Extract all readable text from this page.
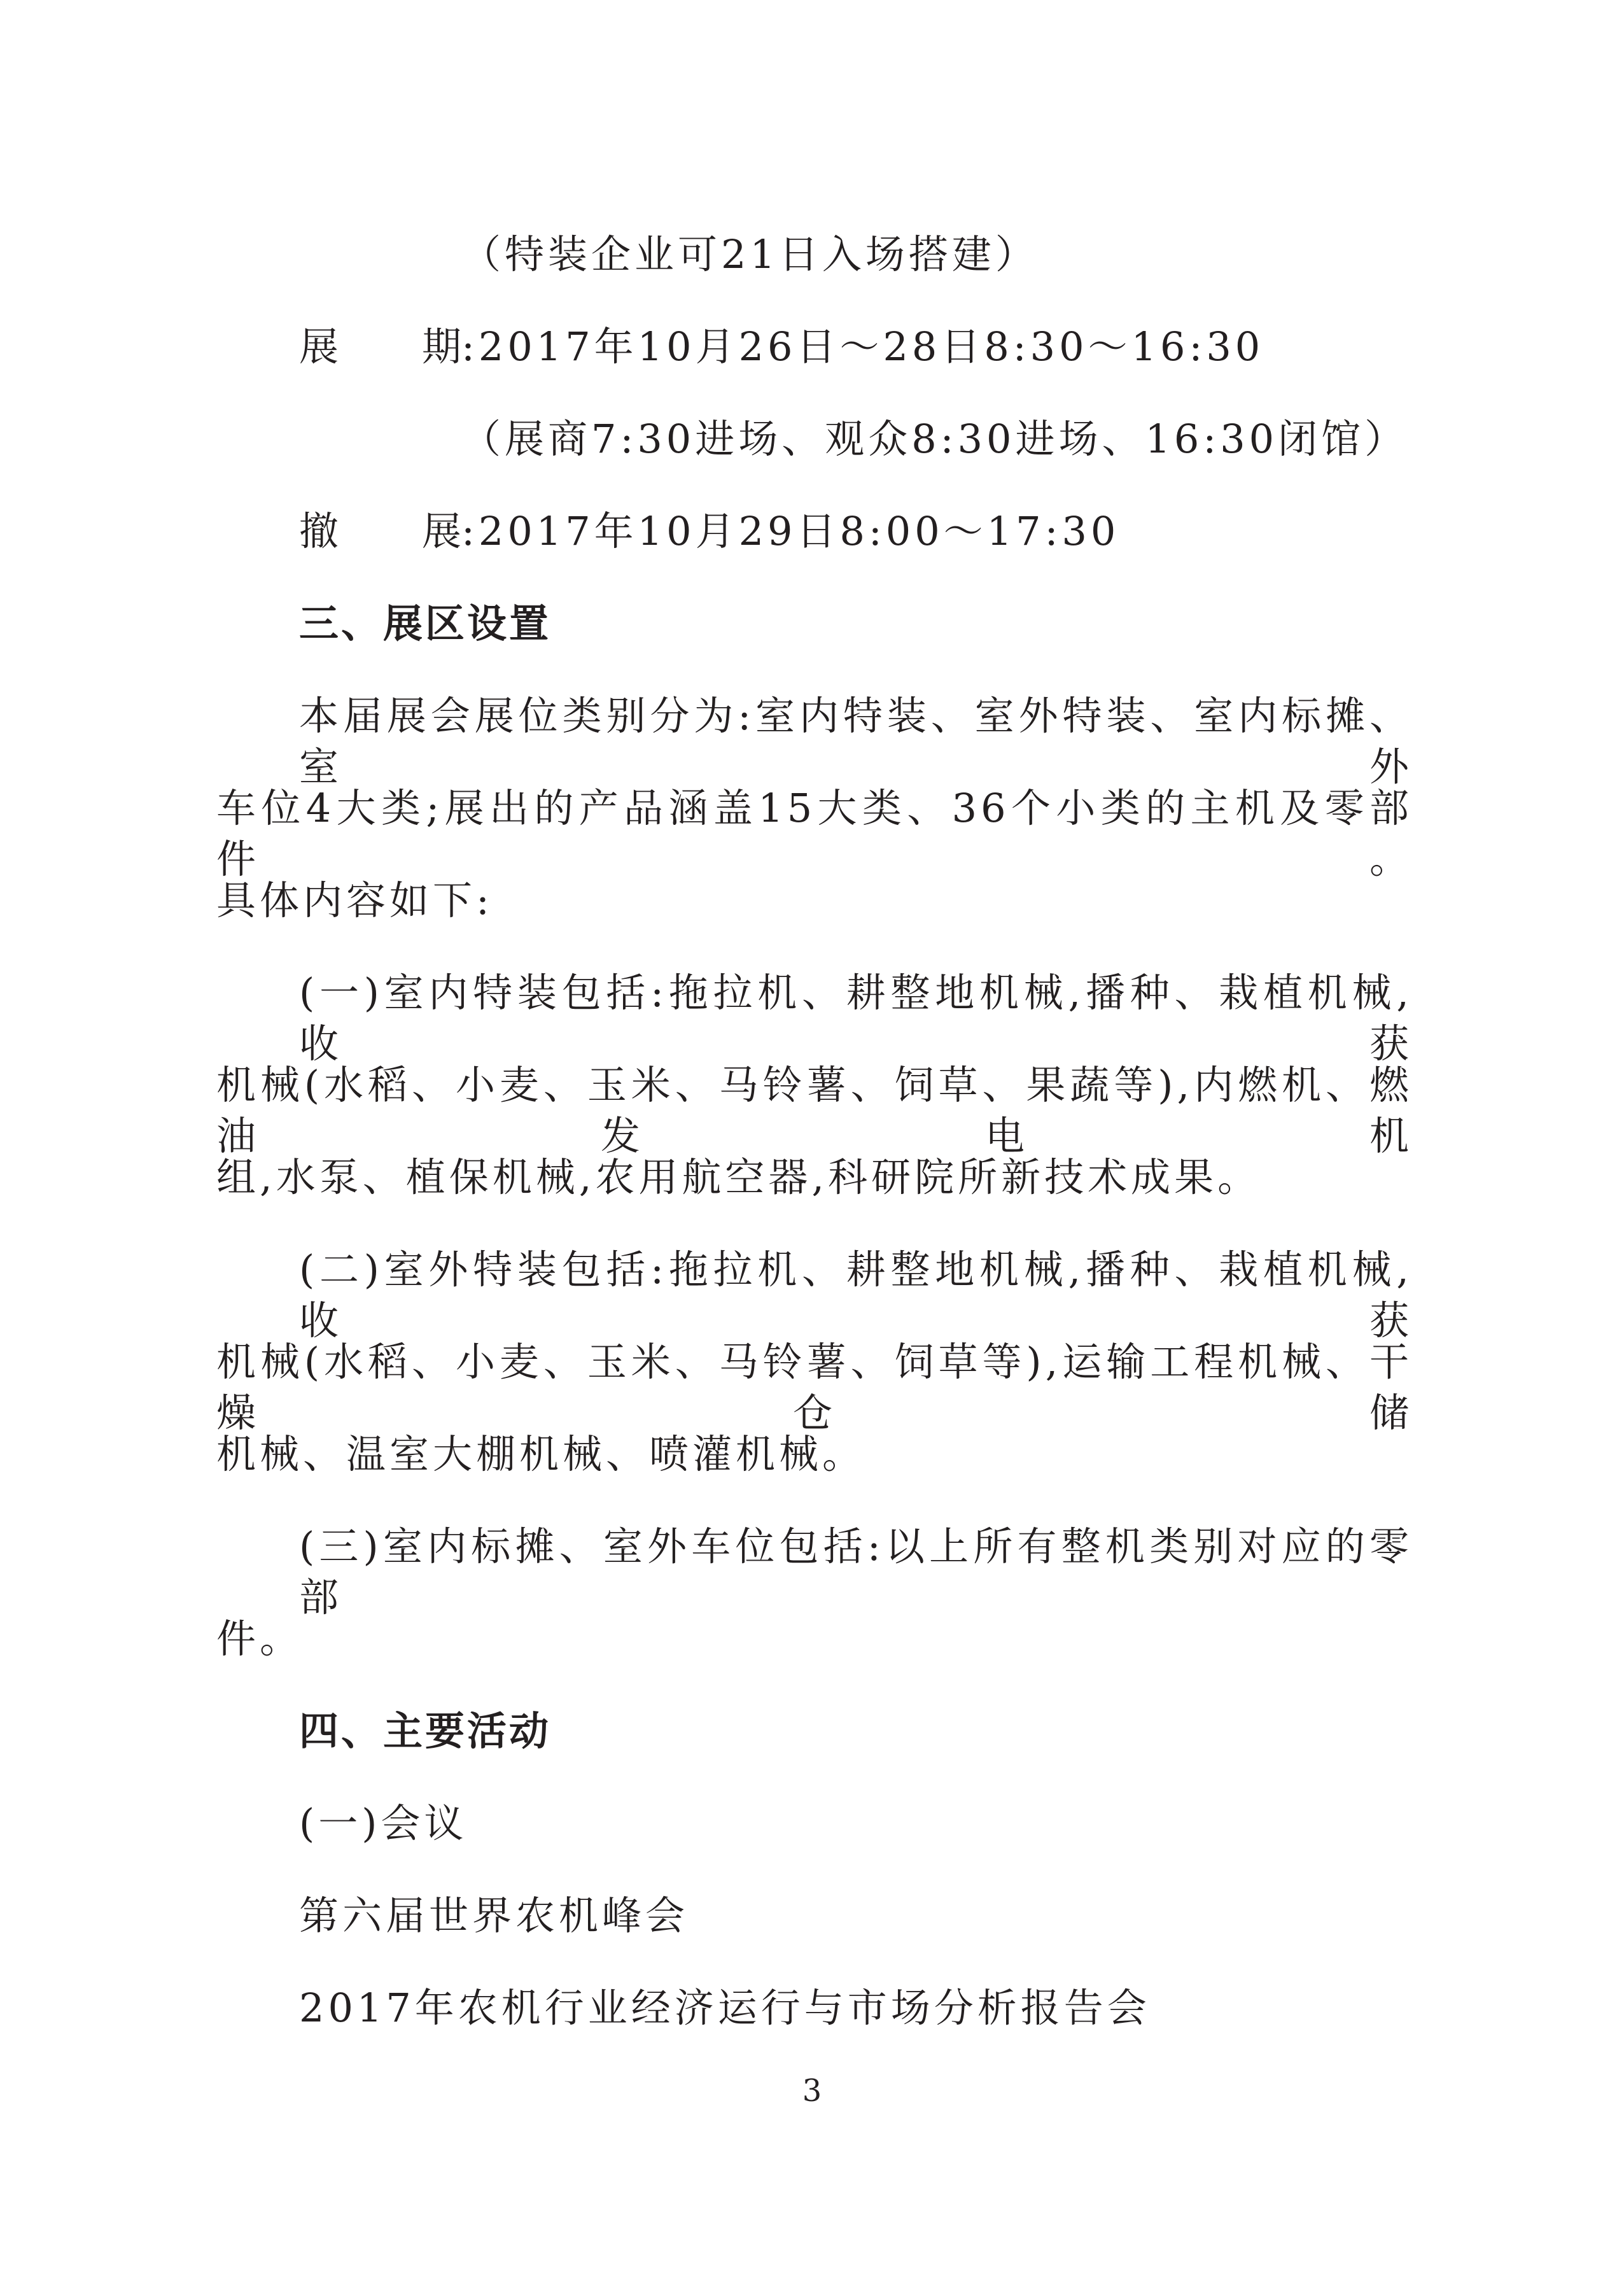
（特装企业可21日入场搭建）
展 期 :2017年10月26日～28日8:30～16:30
（展商7:30进场、观众8:30进场、16:30闭馆）
撤 展 :2017年10月29日8:00～17:30
三、展区设置
本届展会展位类别分为:室内特装、室外特装、室内标摊、室外
车位4大类;展出的产品涵盖15大类、36个小类的主机及零部件。
具体内容如下:
(一)室内特装包括:拖拉机、耕整地机械,播种、栽植机械,收获
机械(水稻、小麦、玉米、马铃薯、饲草、果蔬等),内燃机、燃油发电机
组,水泵、植保机械,农用航空器,科研院所新技术成果。
(二)室外特装包括:拖拉机、耕整地机械,播种、栽植机械,收获
机械(水稻、小麦、玉米、马铃薯、饲草等),运输工程机械、干燥仓储
机械、温室大棚机械、喷灌机械。
(三)室内标摊、室外车位包括:以上所有整机类别对应的零部
件。
四、主要活动
(一)会议
第六届世界农机峰会
2017年农机行业经济运行与市场分析报告会
3
